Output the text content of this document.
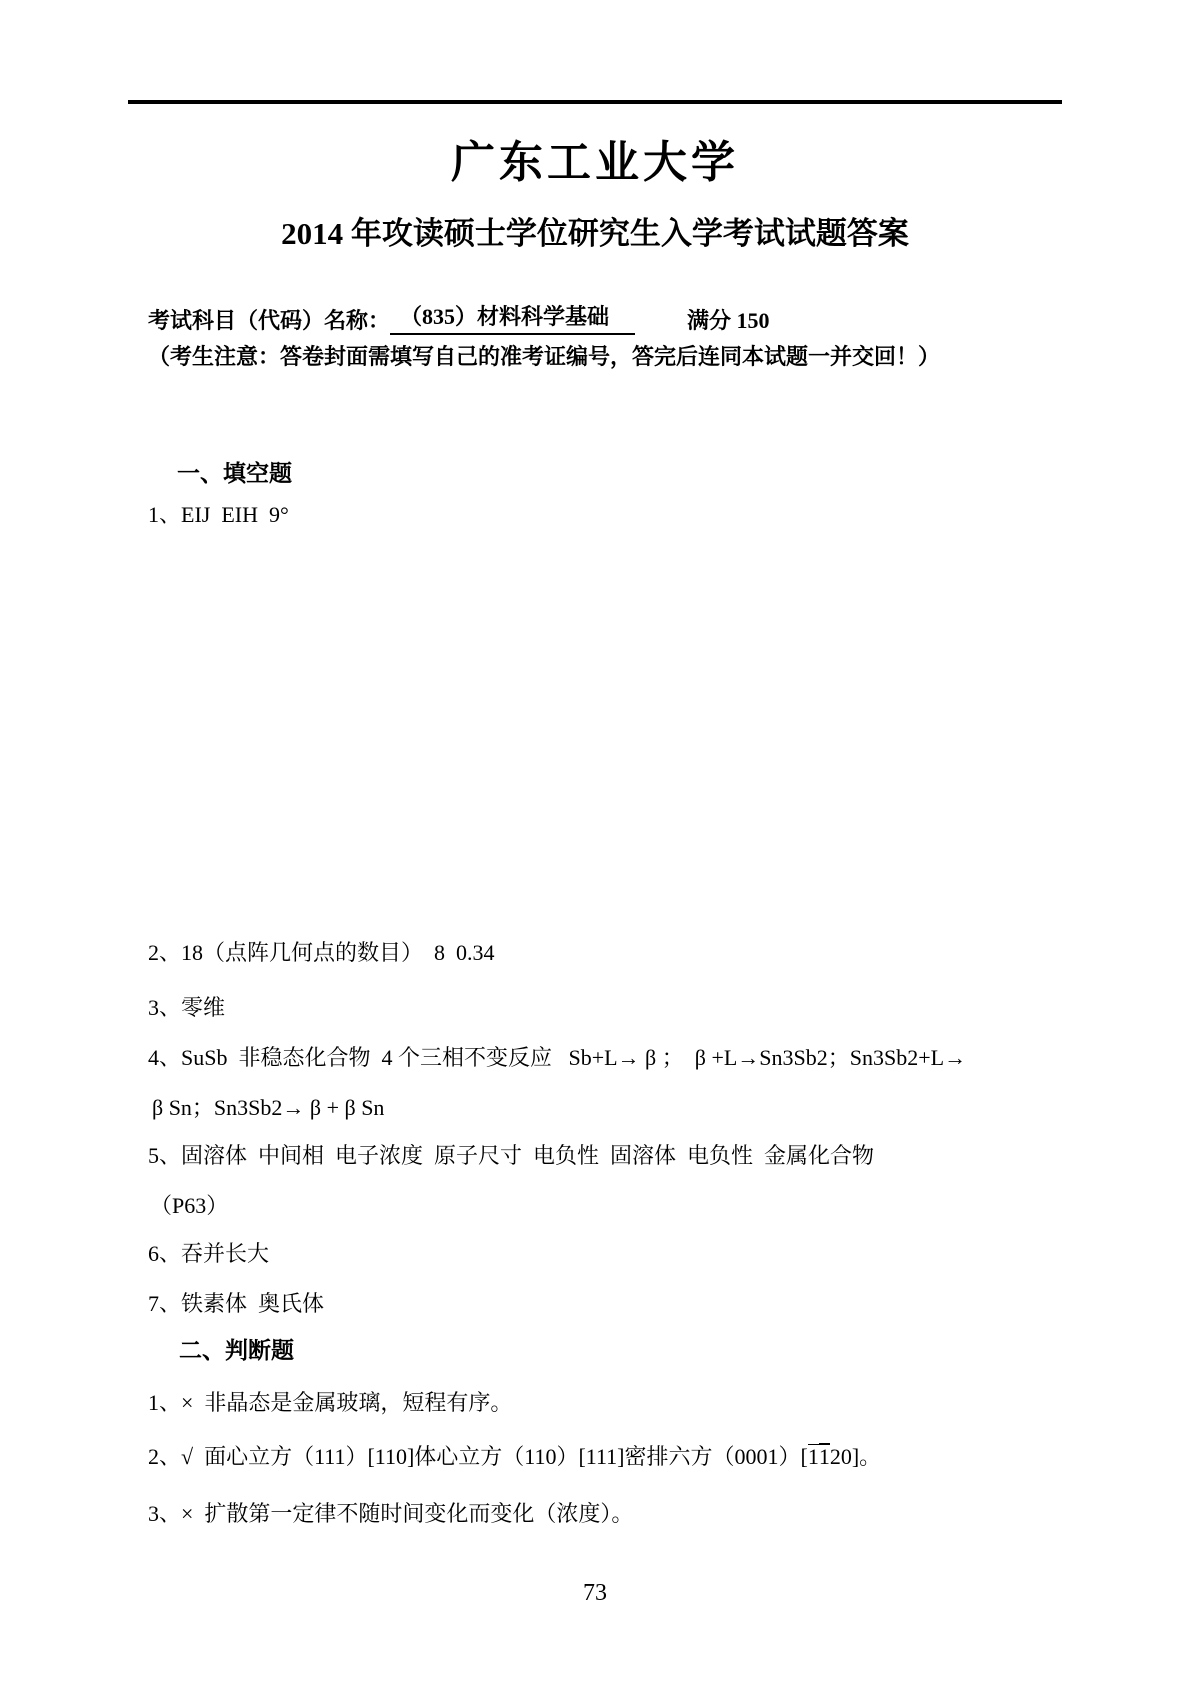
广东工业大学
2014 年攻读硕士学位研究生入学考试试题答案
考试科目（代码）名称： （835）材料科学基础	满分 150
（考生注意：答卷封面需填写自己的准考证编号，答完后连同本试题一并交回！）
一、填空题
1、EIJ  EIH  9°
2、18（点阵几何点的数目）  8  0.34
3、零维
4、SuSb  非稳态化合物  4 个三相不变反应   Sb+L→ β ；  β +L→Sn3Sb2；Sn3Sb2+L→
β Sn；Sn3Sb2→ β + β Sn
5、固溶体  中间相  电子浓度  原子尺寸  电负性  固溶体  电负性  金属化合物
（P63）
6、吞并长大
7、铁素体  奥氏体
二、判断题
1、×  非晶态是金属玻璃，短程有序。
2、√  面心立方（111）[110]体心立方（110）[111]密排六方（0001）[1120]。
3、×  扩散第一定律不随时间变化而变化（浓度）。
73
